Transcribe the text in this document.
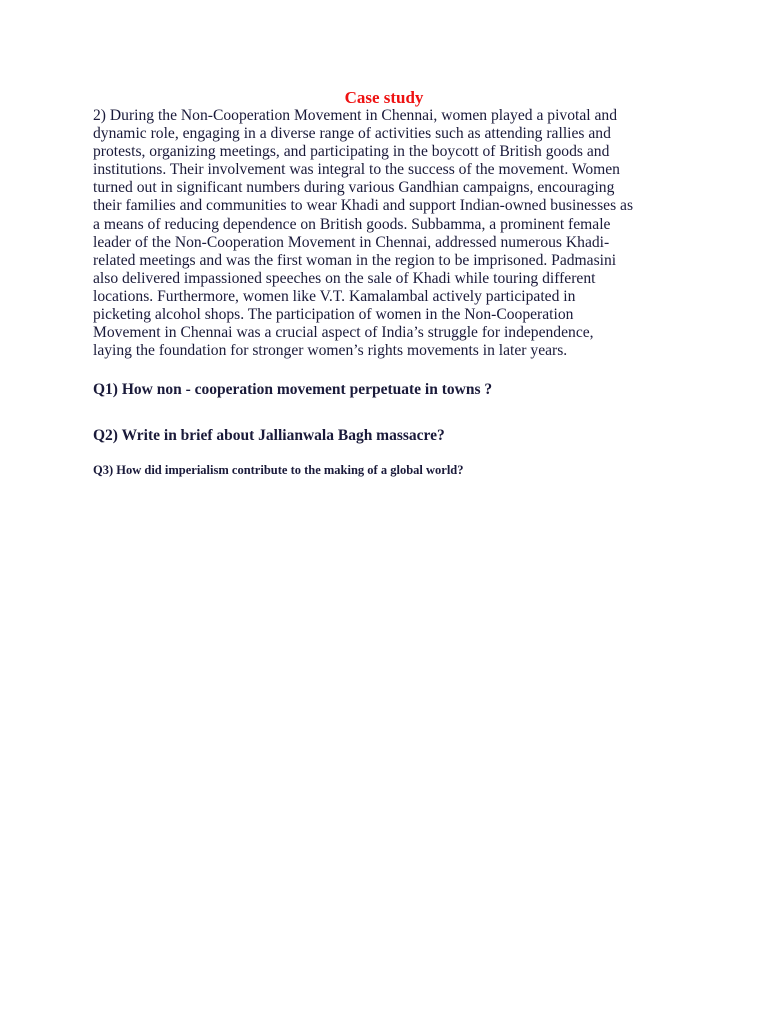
Case study
2) During the Non-Cooperation Movement in Chennai, women played a pivotal and
dynamic role, engaging in a diverse range of activities such as attending rallies and
protests, organizing meetings, and participating in the boycott of British goods and
institutions. Their involvement was integral to the success of the movement. Women
turned out in significant numbers during various Gandhian campaigns, encouraging
their families and communities to wear Khadi and support Indian-owned businesses as
a means of reducing dependence on British goods. Subbamma, a prominent female
leader of the Non-Cooperation Movement in Chennai, addressed numerous Khadi-
related meetings and was the first woman in the region to be imprisoned. Padmasini
also delivered impassioned speeches on the sale of Khadi while touring different
locations. Furthermore, women like V.T. Kamalambal actively participated in
picketing alcohol shops. The participation of women in the Non-Cooperation
Movement in Chennai was a crucial aspect of India’s struggle for independence,
laying the foundation for stronger women’s rights movements in later years.
Q1) How non - cooperation movement perpetuate in towns ?
Q2) Write in brief about Jallianwala Bagh massacre?
Q3) How did imperialism contribute to the making of a global world?
